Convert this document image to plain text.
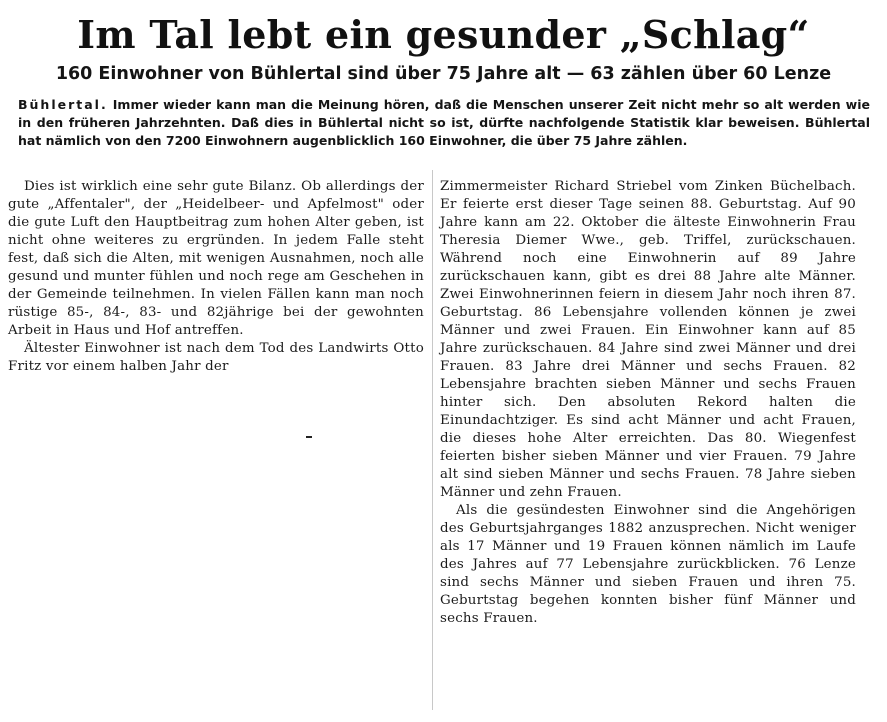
Im Tal lebt ein gesunder „Schlag“
160 Einwohner von Bühlertal sind über 75 Jahre alt — 63 zählen über 60 Lenze
Bühlertal. Immer wieder kann man die Meinung hören, daß die Menschen unserer Zeit nicht mehr so alt werden wie in den früheren Jahrzehnten. Daß dies in Bühlertal nicht so ist, dürfte nachfolgende Statistik klar beweisen. Bühlertal hat nämlich von den 7200 Einwohnern augenblicklich 160 Einwohner, die über 75 Jahre zählen.

Dies ist wirklich eine sehr gute Bilanz. Ob allerdings der gute „Affentaler", der „Heidelbeer- und Apfelmost" oder die gute Luft den Hauptbeitrag zum hohen Alter geben, ist nicht ohne weiteres zu ergründen. In jedem Falle steht fest, daß sich die Alten, mit wenigen Ausnahmen, noch alle gesund und munter fühlen und noch rege am Geschehen in der Gemeinde teilnehmen. In vielen Fällen kann man noch rüstige 85-, 84-, 83- und 82jährige bei der gewohnten Arbeit in Haus und Hof antreffen.

Ältester Einwohner ist nach dem Tod des Landwirts Otto Fritz vor einem halben Jahr der

Zimmermeister Richard Striebel vom Zinken Büchelbach. Er feierte erst dieser Tage seinen 88. Geburtstag. Auf 90 Jahre kann am 22. Oktober die älteste Einwohnerin Frau Theresia Diemer Wwe., geb. Triffel, zurückschauen. Während noch eine Einwohnerin auf 89 Jahre zurückschauen kann, gibt es drei 88 Jahre alte Männer. Zwei Einwohnerinnen feiern in diesem Jahr noch ihren 87. Geburtstag. 86 Lebensjahre vollenden können je zwei Männer und zwei Frauen. Ein Einwohner kann auf 85 Jahre zurückschauen. 84 Jahre sind zwei Männer und drei Frauen. 83 Jahre drei Männer und sechs Frauen. 82 Lebensjahre brachten sieben Männer und sechs Frauen hinter sich. Den absoluten Rekord halten die Einundachtziger. Es sind acht Männer und acht Frauen, die dieses hohe Alter erreichten. Das 80. Wiegenfest feierten bisher sieben Männer und vier Frauen. 79 Jahre alt sind sieben Männer und sechs Frauen. 78 Jahre sieben Männer und zehn Frauen.

Als die gesündesten Einwohner sind die Angehörigen des Geburtsjahrganges 1882 anzusprechen. Nicht weniger als 17 Männer und 19 Frauen können nämlich im Laufe des Jahres auf 77 Lebensjahre zurückblicken. 76 Lenze sind sechs Männer und sieben Frauen und ihren 75. Geburtstag begehen konnten bisher fünf Männer und sechs Frauen.
